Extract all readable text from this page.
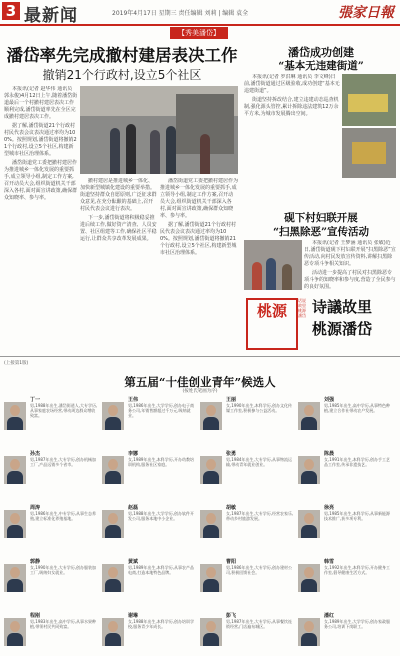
3 最新闻	2019年4月17日 星期三 责任编辑 刘莉 | 编辑 袁全	張家日報
【秀美潘岱】
潘岱率先完成撤村建居表决工作
撤销21个行政村,设立5个社区

本报讯(记者 赵华伟 通讯员 郭永俊)4月12日上午,随着潘岱街道最后一个村撤村建居表决工作顺利完成,潘岱街道率先在全区完成撤村建居表决工作。

据了解,潘岱街道21个行政村村民代表会议表决通过率均为100%。按照规划,潘岱街道将撤销21个行政村,设立5个社区,构建新型城市社区治理体系。

潘岱街道党工委把撤村建居作为推进城乡一体化发展的重要抓手,成立领导小组,制定工作方案,召开动员大会,组织街道机关干部深入各村,面对面宣讲政策,确保群众知晓率、参与率。

撤村建居是推进城乡一体化、加快新型城镇化建设的重要举措。街道坚持群众自愿原则,广泛征求群众意见,在充分酝酿的基础上,召开村民代表会议进行表决。

下一步,潘岱街道将积极稳妥推进后续工作,做好资产清查、人员安置、社区组建等工作,确保社区平稳运行,让群众共享改革发展成果。

潘岱街道党工委把撤村建居作为推进城乡一体化发展的重要抓手,成立领导小组,制定工作方案,召开动员大会,组织街道机关干部深入各村,面对面宣讲政策,确保群众知晓率、参与率。

据了解,潘岱街道21个行政村村民代表会议表决通过率均为100%。按照规划,潘岱街道将撤销21个行政村,设立5个社区,构建新型城市社区治理体系。

潘岱成功创建
“基本无违建街道”

本报讯(记者 罗洪琳 通讯员 李文峰)日前,潘岱街道通过区级验收,成功创建“基本无违建街道”。

街道坚持拆改结合,建立违建动态巡查机制,强化源头管控,累计拆除违法建筑12万余平方米,为城市发展腾出空间。

砚下村妇联开展
“扫黑除恶”宣传活动

本报讯(记者 王梦涵 通讯员 张敏)近日,潘岱街道砚下村妇联开展“扫黑除恶”宣传活动,向村民发放宣传资料,讲解扫黑除恶专项斗争相关知识。

活动进一步提高了村民对扫黑除恶专项斗争的知晓率和参与度,营造了全民参与的良好氛围。

桃源
话说故里桃源潘岱 诗議故里
桃源潘岱
(上接第1版)
第五届“十佳创业青年”候选人
(按姓氏笔画为序)
丁一
男,1988年出生,潘岱街道人,大专学历,从事家庭农场经营,带动周边群众增收致富。
王伟
男,1986年出生,大学学历,创办电子商务公司,年销售额超过千万元,吸纳就业。
王丽
女,1990年出生,本科学历,创办文化传媒工作室,积极参与公益活动。
刘强
男,1985年出生,高中学历,从事特色种植,建立合作社带动农户发展。
孙杰
男,1987年出生,大专学历,创办机械加工厂,产品远销多个省市。
李娜
女,1989年出生,本科学历,开办幼教培训机构,服务社区家庭。
张勇
男,1984年出生,大专学历,从事物流运输,带动青年就业创业。
陈晨
女,1991年出生,本科学历,创办手工艺品工作室,传承非遗技艺。
周涛
男,1986年出生,中专学历,从事生态养殖,建立标准化养殖基地。
赵磊
男,1988年出生,大学学历,创办软件开发公司,服务本地中小企业。
胡敏
女,1987年出生,大专学历,经营农家乐,带动乡村旅游发展。
徐亮
男,1985年出生,本科学历,从事新能源技术推广,获多项专利。
郭静
女,1990年出生,大专学历,创办服装加工厂,吸纳妇女就业。
黄斌
男,1989年出生,本科学历,从事农产品电商,打造本地特色品牌。
曹阳
男,1986年出生,大专学历,创办建材公司,积极回馈社会。
韩雪
女,1992年出生,本科学历,开办健身工作室,倡导健康生活方式。
程刚
男,1983年出生,高中学历,从事水果种植,带领村民共同致富。
谢琳
女,1988年出生,本科学历,创办培训学校,服务青少年成长。
彭飞
男,1987年出生,大专学历,从事餐饮连锁经营,门店遍布城区。
潘红
女,1989年出生,大学学历,创办家政服务公司,培训下岗职工。
